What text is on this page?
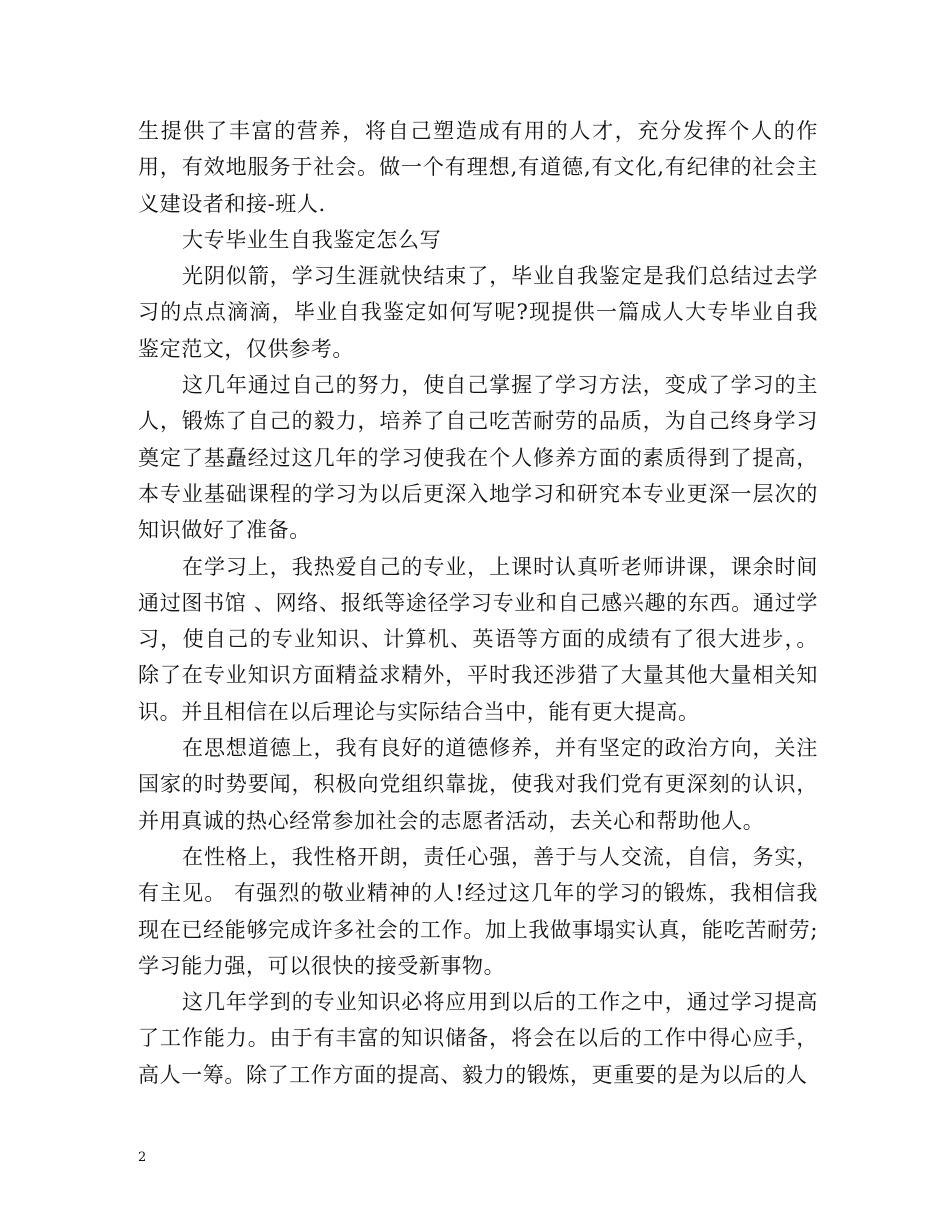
生提供了丰富的营养，将自己塑造成有用的人才，充分发挥个人的作用，有效地服务于社会。做一个有理想,有道德,有文化,有纪律的社会主义建设者和接-班人.

大专毕业生自我鉴定怎么写

光阴似箭，学习生涯就快结束了，毕业自我鉴定是我们总结过去学习的点点滴滴，毕业自我鉴定如何写呢?现提供一篇成人大专毕业自我鉴定范文，仅供参考。

这几年通过自己的努力，使自己掌握了学习方法，变成了学习的主人，锻炼了自己的毅力，培养了自己吃苦耐劳的品质，为自己终身学习奠定了基矗经过这几年的学习使我在个人修养方面的素质得到了提高，本专业基础课程的学习为以后更深入地学习和研究本专业更深一层次的知识做好了准备。

在学习上，我热爱自己的专业，上课时认真听老师讲课，课余时间通过图书馆 、网络、报纸等途径学习专业和自己感兴趣的东西。通过学习，使自己的专业知识、计算机、英语等方面的成绩有了很大进步，。除了在专业知识方面精益求精外，平时我还涉猎了大量其他大量相关知识。并且相信在以后理论与实际结合当中，能有更大提高。

在思想道德上，我有良好的道德修养，并有坚定的政治方向，关注国家的时势要闻，积极向党组织靠拢，使我对我们党有更深刻的认识，并用真诚的热心经常参加社会的志愿者活动，去关心和帮助他人。

在性格上，我性格开朗，责任心强，善于与人交流，自信，务实，有主见。 有强烈的敬业精神的人!经过这几年的学习的锻炼，我相信我现在已经能够完成许多社会的工作。加上我做事塌实认真，能吃苦耐劳;学习能力强，可以很快的接受新事物。

这几年学到的专业知识必将应用到以后的工作之中，通过学习提高了工作能力。由于有丰富的知识储备，将会在以后的工作中得心应手，高人一筹。除了工作方面的提高、毅力的锻炼，更重要的是为以后的人

2
